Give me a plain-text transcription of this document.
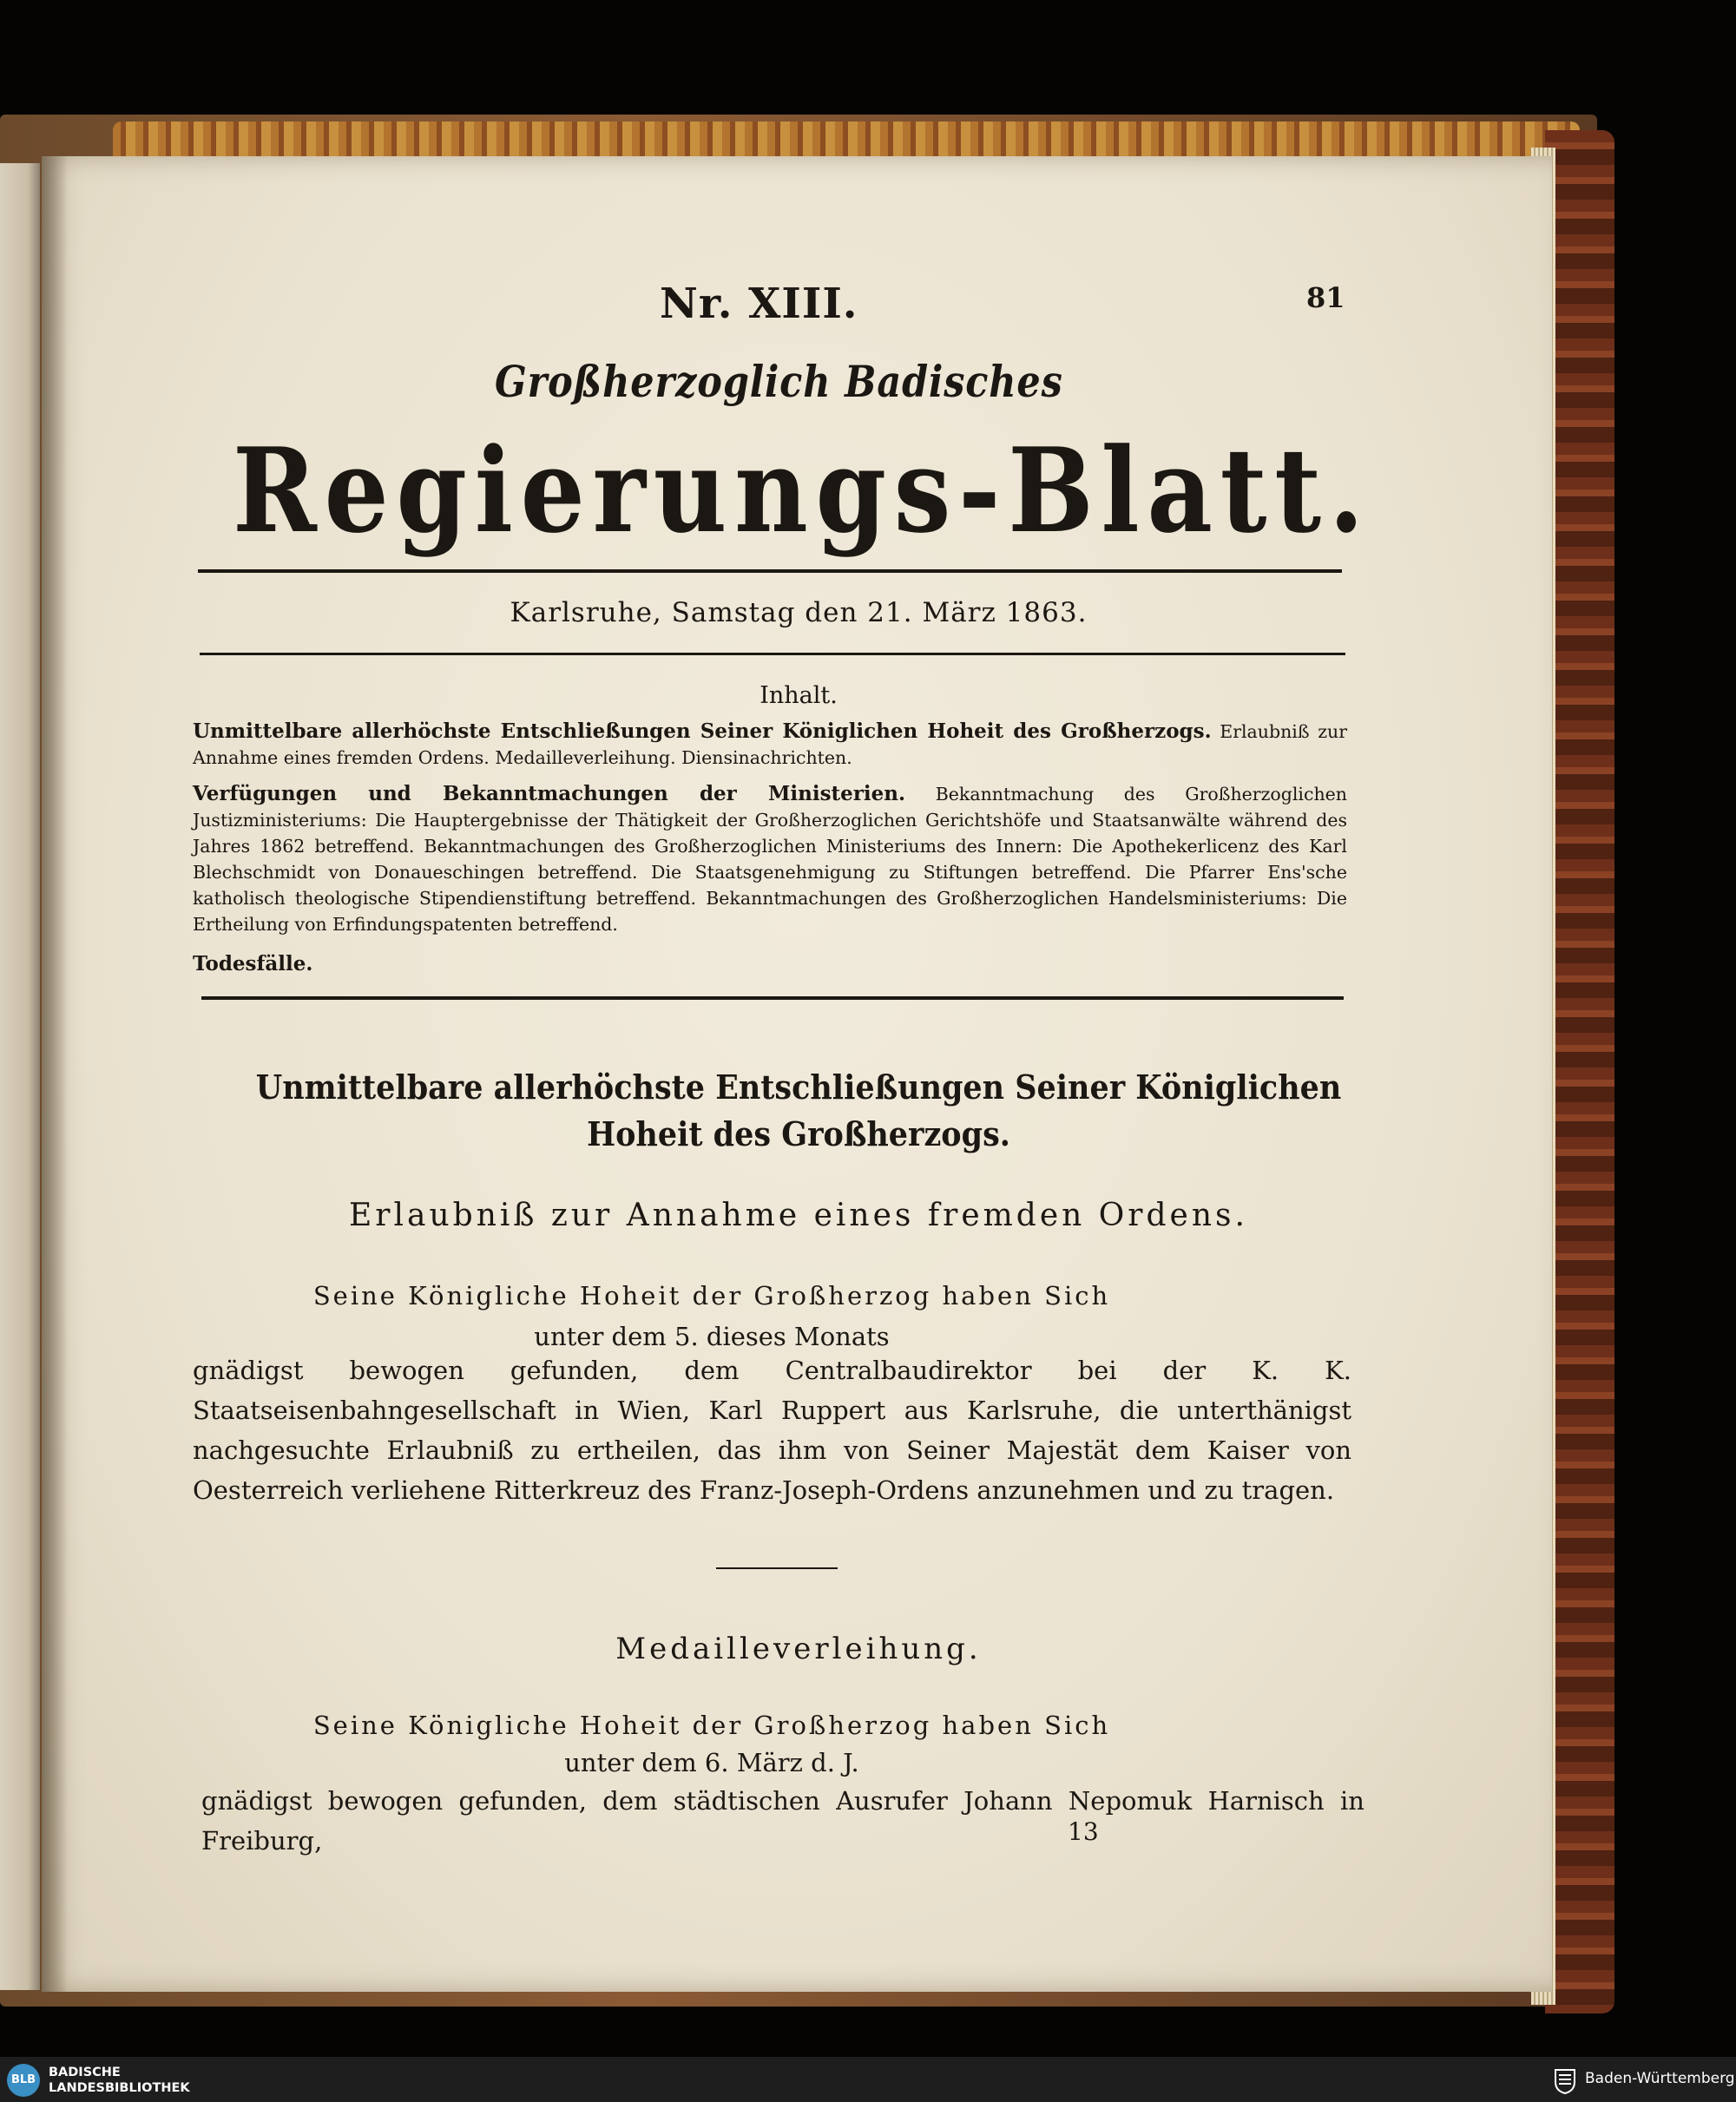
Nr. XIII.	81
Großherzoglich Badisches
Regierungs-Blatt.
Karlsruhe, Samstag den 21. März 1863.
Inhalt.

Unmittelbare allerhöchste Entschließungen Seiner Königlichen Hoheit des Großherzogs. Erlaubniß zur Annahme eines fremden Ordens. Medailleverleihung. Diensinachrichten.

Verfügungen und Bekanntmachungen der Ministerien. Bekanntmachung des Großherzoglichen Justizministeriums: Die Hauptergebnisse der Thätigkeit der Großherzoglichen Gerichtshöfe und Staatsanwälte während des Jahres 1862 betreffend. Bekanntmachungen des Großherzoglichen Ministeriums des Innern: Die Apothekerlicenz des Karl Blechschmidt von Donaueschingen betreffend. Die Staatsgenehmigung zu Stiftungen betreffend. Die Pfarrer Ens'sche katholisch theologische Stipendienstiftung betreffend. Bekanntmachungen des Großherzoglichen Handelsministeriums: Die Ertheilung von Erfindungspatenten betreffend.

Todesfälle.

Unmittelbare allerhöchste Entschließungen Seiner Königlichen Hoheit des Großherzogs.
Erlaubniß zur Annahme eines fremden Ordens.

Seine Königliche Hoheit der Großherzog haben Sich

unter dem 5. dieses Monats

gnädigst bewogen gefunden, dem Centralbaudirektor bei der K. K. Staatseisenbahngesellschaft in Wien, Karl Ruppert aus Karlsruhe, die unterthänigst nachgesuchte Erlaubniß zu ertheilen, das ihm von Seiner Majestät dem Kaiser von Oesterreich verliehene Ritterkreuz des Franz-Joseph-Ordens anzunehmen und zu tragen.

Medailleverleihung.

Seine Königliche Hoheit der Großherzog haben Sich

unter dem 6. März d. J.

gnädigst bewogen gefunden, dem städtischen Ausrufer Johann Nepomuk Harnisch in Freiburg,	13
BLB
BADISCHE
LANDESBIBLIOTHEK
Baden-Württemberg
